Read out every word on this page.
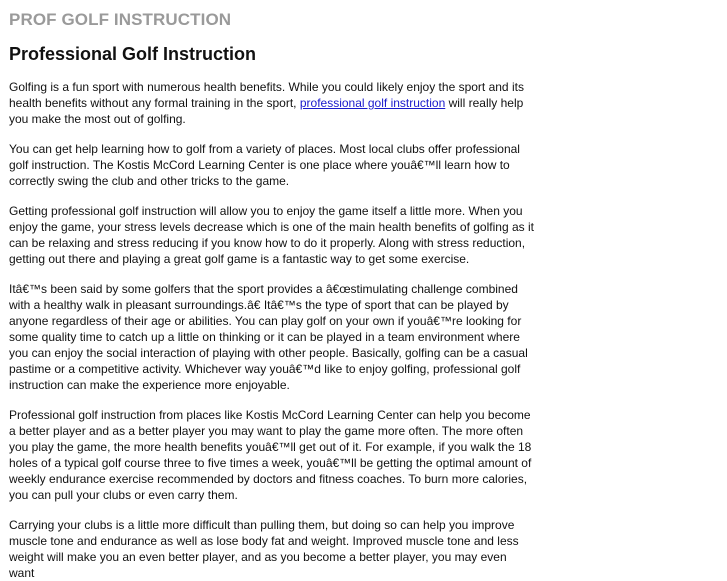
PROF GOLF INSTRUCTION
Professional Golf Instruction

Golfing is a fun sport with numerous health benefits. While you could likely enjoy the sport and its health benefits without any formal training in the sport, professional golf instruction will really help you make the most out of golfing.

You can get help learning how to golf from a variety of places. Most local clubs offer professional golf instruction. The Kostis McCord Learning Center is one place where youâ€™ll learn how to correctly swing the club and other tricks to the game.

Getting professional golf instruction will allow you to enjoy the game itself a little more. When you enjoy the game, your stress levels decrease which is one of the main health benefits of golfing as it can be relaxing and stress reducing if you know how to do it properly. Along with stress reduction, getting out there and playing a great golf game is a fantastic way to get some exercise.

Itâ€™s been said by some golfers that the sport provides a â€œstimulating challenge combined with a healthy walk in pleasant surroundings.â€ Itâ€™s the type of sport that can be played by anyone regardless of their age or abilities. You can play golf on your own if youâ€™re looking for some quality time to catch up a little on thinking or it can be played in a team environment where you can enjoy the social interaction of playing with other people. Basically, golfing can be a casual pastime or a competitive activity. Whichever way youâ€™d like to enjoy golfing, professional golf instruction can make the experience more enjoyable.

Professional golf instruction from places like Kostis McCord Learning Center can help you become a better player and as a better player you may want to play the game more often. The more often you play the game, the more health benefits youâ€™ll get out of it. For example, if you walk the 18 holes of a typical golf course three to five times a week, youâ€™ll be getting the optimal amount of weekly endurance exercise recommended by doctors and fitness coaches. To burn more calories, you can pull your clubs or even carry them.

Carrying your clubs is a little more difficult than pulling them, but doing so can help you improve muscle tone and endurance as well as lose body fat and weight. Improved muscle tone and less weight will make you an even better player, and as you become a better player, you may even want
